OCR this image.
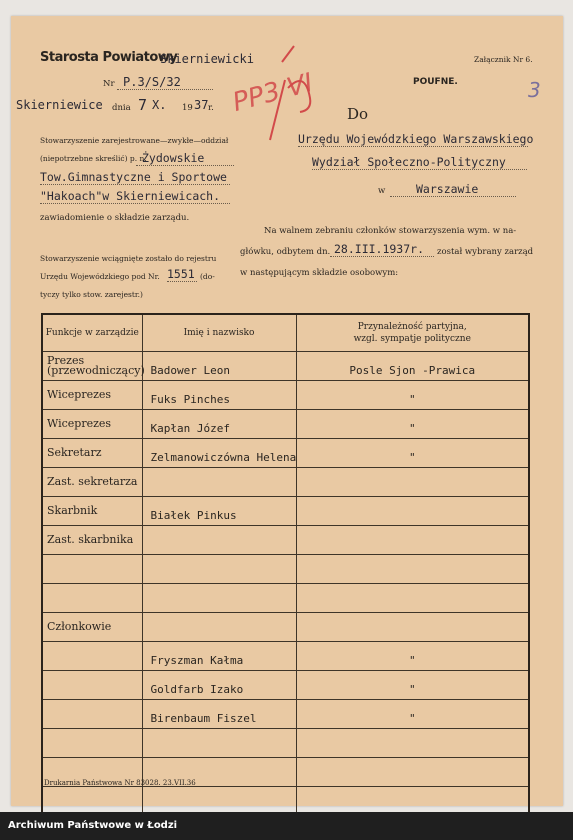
Starosta Powiatowy
Skierniewicki
Nr P.3/S/32
Skierniewice dnia 7 X. 19 37 r.
Załącznik Nr 6.
POUFNE.
PP3 VI	3
Do
Urzędu Wojewódzkiego Warszawskiego
Wydział Społeczno-Polityczny
w	Warszawie
Stowarzyszenie zarejestrowane—zwykłe—oddział
(niepotrzebne skreślić) p. n.
Żydowskie
Tow.Gimnastyczne i Sportowe
"Hakoach"w Skierniewicach.
zawiadomienie o składzie zarządu.
Stowarzyszenie wciągnięte zostało do rejestru
Urzędu Wojewódzkiego pod Nr. 1551 (do-
tyczy tylko stow. zarejestr.)
Na walnem zebraniu członków stowarzyszenia wym. w na-
główku, odbytem dn. 28.III.1937r.	został wybrany zarząd
w następującym składzie osobowym:
Funkcje w zarządzie	Imię i nazwisko	Przynależność partyjna,
wzgl. sympatje polityczne

Prezes (przewodniczący)	Badower Leon	Posle Sjon -Prawica
Wiceprezes	Fuks Pinches	"
Wiceprezes	Kapłan Józef	"
Sekretarz	Zelmanowiczówna Helena	"
Zast. sekretarza		
Skarbnik	Białek Pinkus	
Zast. skarbnika		

Członkowie		
	Fryszman Kałma	"
	Goldfarb Izako	"
	Birenbaum Fiszel	"

Drukarnia Państwowa Nr 83028. 23.VII.36
Archiwum Państwowe w Łodzi
